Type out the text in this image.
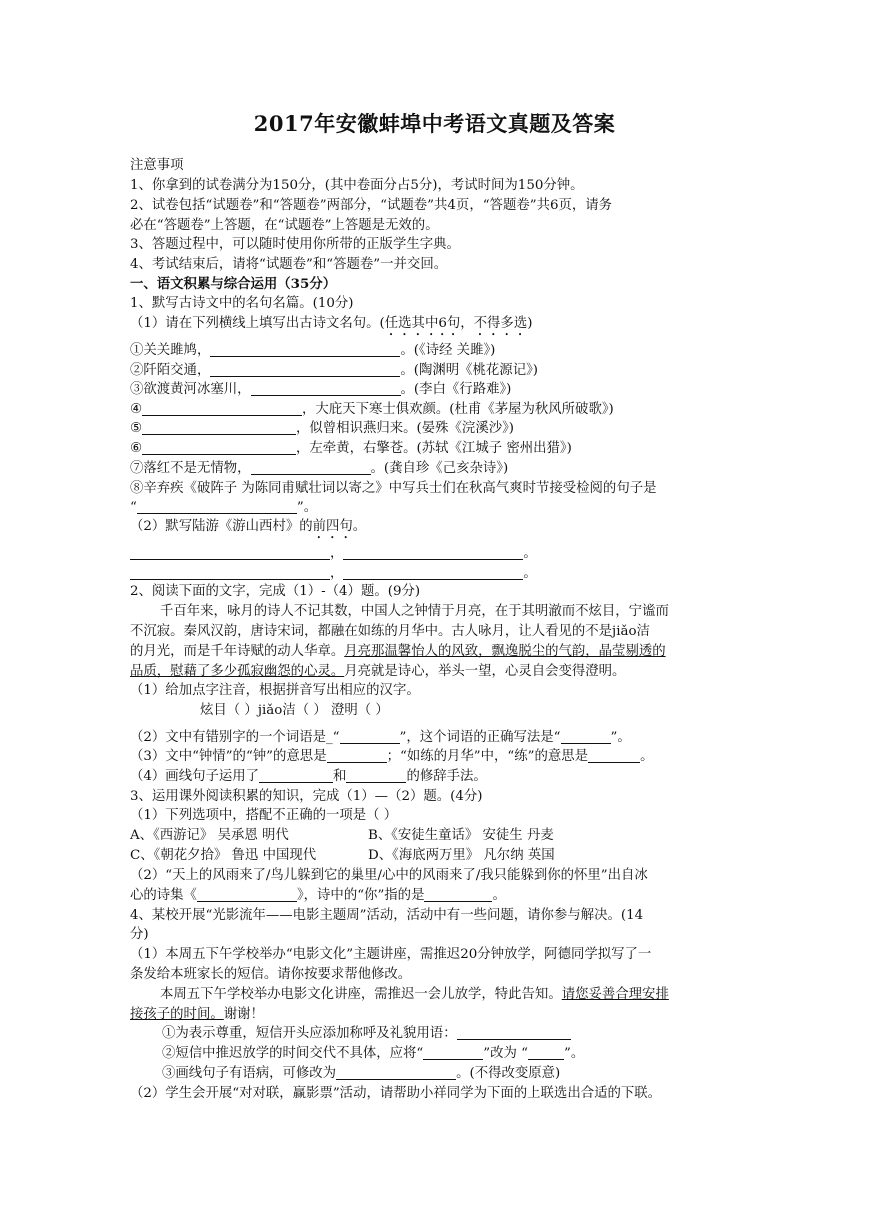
2017年安徽蚌埠中考语文真题及答案
注意事项
1、你拿到的试卷满分为150分，(其中卷面分占5分)，考试时间为150分钟。
2、试卷包括“试题卷”和“答题卷”两部分，“试题卷”共4页，“答题卷”共6页，请务
必在“答题卷”上答题，在“试题卷”上答题是无效的。
3、答题过程中，可以随时使用你所带的正版学生字典。
4、考试结束后，请将“试题卷”和“答题卷”一并交回。
一、语文积累与综合运用（35分）
1、默写古诗文中的名句名篇。(10分)
（1）请在下列横线上填写出古诗文名句。(任选其中6句，不得多选)
①关关雎鸠，	。(《诗经 关雎》)
②阡陌交通，	。(陶渊明《桃花源记》)
③欲渡黄河冰塞川，	。(李白《行路难》)
④	，大庇天下寒士俱欢颜。(杜甫《茅屋为秋风所破歌》)
⑤	，似曾相识燕归来。(晏殊《浣溪沙》)
⑥	，左牵黄，右擎苍。(苏轼《江城子 密州出猎》)
⑦落红不是无情物，	。(龚自珍《己亥杂诗》)
⑧辛弃疾《破阵子 为陈同甫赋壮词以寄之》中写兵士们在秋高气爽时节接受检阅的句子是
“	”。
（2）默写陆游《游山西村》的前四句。
，	。
，	。
2、阅读下面的文字，完成（1）-（4）题。(9分)
千百年来，咏月的诗人不记其数，中国人之钟情于月亮，在于其明澈而不炫目，宁谧而
不沉寂。秦风汉韵，唐诗宋词，都融在如练的月华中。古人咏月，让人看见的不是jiǎo洁
的月光，而是千年诗赋的动人华章。月亮那温馨怡人的风致，飘逸脱尘的气韵，晶莹剔透的
品质，慰藉了多少孤寂幽怨的心灵。月亮就是诗心，举头一望，心灵自会变得澄明。
（1）给加点字注音，根据拼音写出相应的汉字。
炫目（ ）jiǎo洁（ ） 澄明（ ）
（2）文中有错别字的一个词语是_“	”，这个词语的正确写法是“	”。
（3）文中“钟情”的“钟”的意思是	；“如练的月华”中，“练”的意思是	。
（4）画线句子运用了	和	的修辞手法。
3、运用课外阅读积累的知识，完成（1）—（2）题。(4分)
（1）下列选项中，搭配不正确的一项是（ ）
A、《西游记》 吴承恩 明代	B、《安徒生童话》 安徒生 丹麦
C、《朝花夕拾》 鲁迅 中国现代	D、《海底两万里》 凡尔纳 英国
（2）“天上的风雨来了/鸟儿躲到它的巢里/心中的风雨来了/我只能躲到你的怀里”出自冰
心的诗集《	》，诗中的“你”指的是	。
4、某校开展“光影流年——电影主题周”活动，活动中有一些问题，请你参与解决。(14
分)
（1）本周五下午学校举办“电影文化”主题讲座，需推迟20分钟放学，阿德同学拟写了一
条发给本班家长的短信。请你按要求帮他修改。
本周五下午学校举办电影文化讲座，需推迟一会儿放学，特此告知。请您妥善合理安排
接孩子的时间。谢谢！
①为表示尊重，短信开头应添加称呼及礼貌用语：
②短信中推迟放学的时间交代不具体，应将“	”改为 “	”。
③画线句子有语病，可修改为	。(不得改变原意)
（2）学生会开展“对对联，赢影票”活动，请帮助小祥同学为下面的上联选出合适的下联。
